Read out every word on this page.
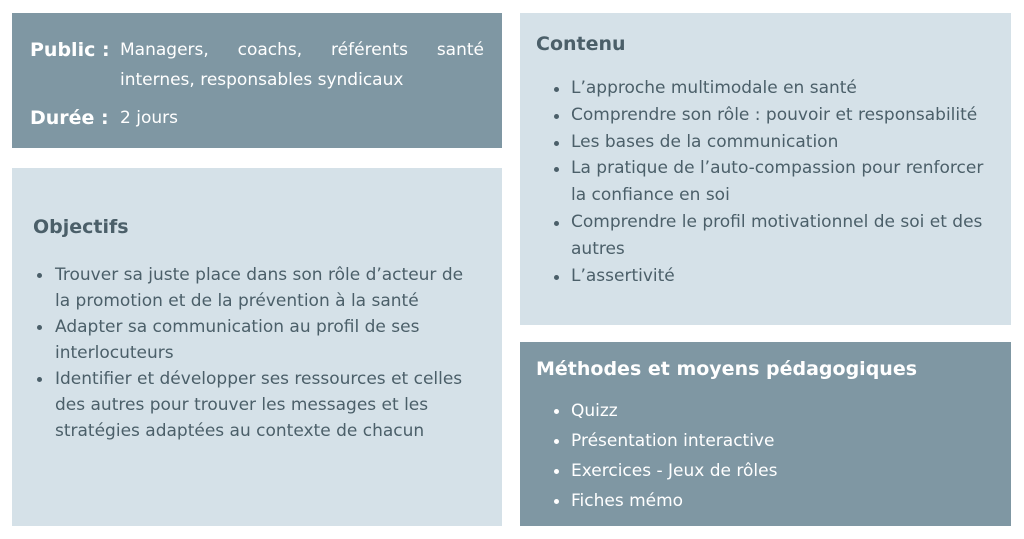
Public : Managers, coachs, référents santé internes, responsables syndicaux
Durée : 2 jours
Objectifs
Trouver sa juste place dans son rôle d’acteur de la promotion et de la prévention à la santé
Adapter sa communication au profil de ses interlocuteurs
Identifier et développer ses ressources et celles des autres pour trouver les messages et les stratégies adaptées au contexte de chacun
Contenu
L’approche multimodale en santé
Comprendre son rôle : pouvoir et responsabilité
Les bases de la communication
La pratique de l’auto-compassion pour renforcer la confiance en soi
Comprendre le profil motivationnel de soi et des autres
L’assertivité
Méthodes et moyens pédagogiques
Quizz
Présentation interactive
Exercices - Jeux de rôles
Fiches mémo
